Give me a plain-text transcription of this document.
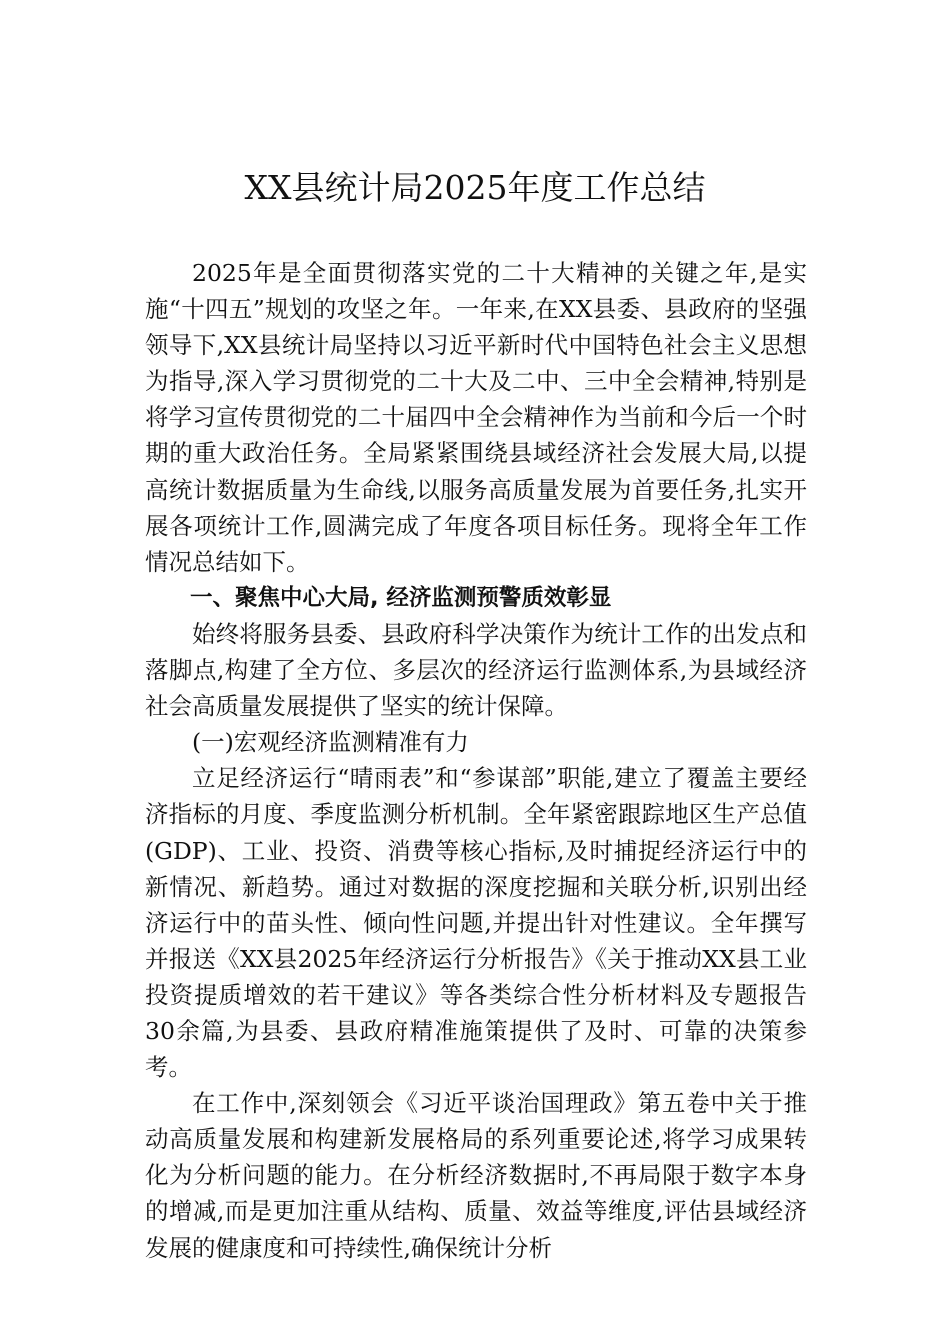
XX县统计局2025年度工作总结

2025年是全面贯彻落实党的二十大精神的关键之年,是实施“十四五”规划的攻坚之年。一年来,在XX县委、县政府的坚强领导下,XX县统计局坚持以习近平新时代中国特色社会主义思想为指导,深入学习贯彻党的二十大及二中、三中全会精神,特别是将学习宣传贯彻党的二十届四中全会精神作为当前和今后一个时期的重大政治任务。全局紧紧围绕县域经济社会发展大局,以提高统计数据质量为生命线,以服务高质量发展为首要任务,扎实开展各项统计工作,圆满完成了年度各项目标任务。现将全年工作情况总结如下。

一、聚焦中心大局, 经济监测预警质效彰显

始终将服务县委、县政府科学决策作为统计工作的出发点和落脚点,构建了全方位、多层次的经济运行监测体系,为县域经济社会高质量发展提供了坚实的统计保障。

(一)宏观经济监测精准有力

立足经济运行“晴雨表”和“参谋部”职能,建立了覆盖主要经济指标的月度、季度监测分析机制。全年紧密跟踪地区生产总值(GDP)、工业、投资、消费等核心指标,及时捕捉经济运行中的新情况、新趋势。通过对数据的深度挖掘和关联分析,识别出经济运行中的苗头性、倾向性问题,并提出针对性建议。全年撰写并报送《XX县2025年经济运行分析报告》《关于推动XX县工业投资提质增效的若干建议》等各类综合性分析材料及专题报告30余篇,为县委、县政府精准施策提供了及时、可靠的决策参考。

在工作中,深刻领会《习近平谈治国理政》第五卷中关于推动高质量发展和构建新发展格局的系列重要论述,将学习成果转化为分析问题的能力。在分析经济数据时,不再局限于数字本身的增减,而是更加注重从结构、质量、效益等维度,评估县域经济发展的健康度和可持续性,确保统计分析
